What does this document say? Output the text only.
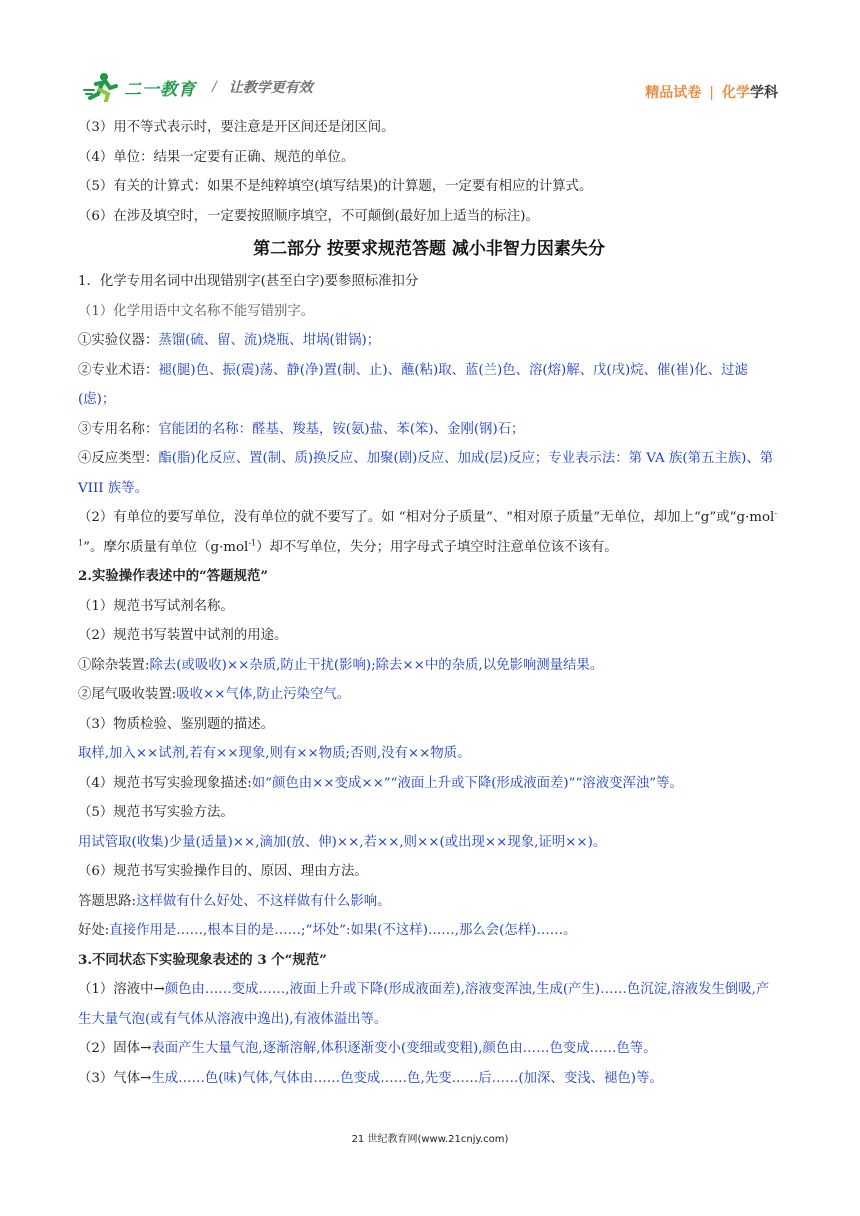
二一教育 / 让教学更有效	精品试卷 | 化学学科
（3）用不等式表示时，要注意是开区间还是闭区间。
（4）单位：结果一定要有正确、规范的单位。
（5）有关的计算式：如果不是纯粹填空(填写结果)的计算题，一定要有相应的计算式。
（6）在涉及填空时，一定要按照顺序填空，不可颠倒(最好加上适当的标注)。
第二部分 按要求规范答题 减小非智力因素失分
1．化学专用名词中出现错别字(甚至白字)要参照标准扣分
（1）化学用语中文名称不能写错别字。
①实验仪器：蒸馏(硫、留、流)烧瓶、坩埚(钳锅)；
②专业术语：褪(腿)色、振(震)荡、静(净)置(制、止)、蘸(粘)取、蓝(兰)色、溶(熔)解、戊(戌)烷、催(崔)化、过滤(虑)；
③专用名称：官能团的名称：醛基、羧基，铵(氨)盐、苯(笨)、金刚(钢)石；
④反应类型：酯(脂)化反应、置(制、质)换反应、加聚(剧)反应、加成(层)反应；专业表示法：第 VA 族(第五主族)、第 VIII 族等。
（2）有单位的要写单位，没有单位的就不要写了。如 “相对分子质量”、“相对原子质量”无单位，却加上“g”或“g·mol$^{-1}$”。摩尔质量有单位（g·mol$^{-1}$）却不写单位，失分；用字母式子填空时注意单位该不该有。
2.实验操作表述中的“答题规范”
（1）规范书写试剂名称。
（2）规范书写装置中试剂的用途。
①除杂装置:除去(或吸收)××杂质,防止干扰(影响);除去××中的杂质,以免影响测量结果。
②尾气吸收装置:吸收××气体,防止污染空气。
（3）物质检验、鉴别题的描述。
取样,加入××试剂,若有××现象,则有××物质;否则,没有××物质。
（4）规范书写实验现象描述:如“颜色由××变成××”“液面上升或下降(形成液面差)”“溶液变浑浊”等。
（5）规范书写实验方法。
用试管取(收集)少量(适量)××,滴加(放、伸)××,若××,则××(或出现××现象,证明××)。
（6）规范书写实验操作目的、原因、理由方法。
答题思路:这样做有什么好处、不这样做有什么影响。
好处:直接作用是……,根本目的是……;“坏处”:如果(不这样)……,那么会(怎样)……。
3.不同状态下实验现象表述的 3 个“规范”
（1）溶液中→颜色由……变成……,液面上升或下降(形成液面差),溶液变浑浊,生成(产生)……色沉淀,溶液发生倒吸,产生大量气泡(或有气体从溶液中逸出),有液体溢出等。
（2）固体→表面产生大量气泡,逐渐溶解,体积逐渐变小(变细或变粗),颜色由……色变成……色等。
（3）气体→生成……色(味)气体,气体由……色变成……色,先变……后……(加深、变浅、褪色)等。
21 世纪教育网(www.21cnjy.com)
